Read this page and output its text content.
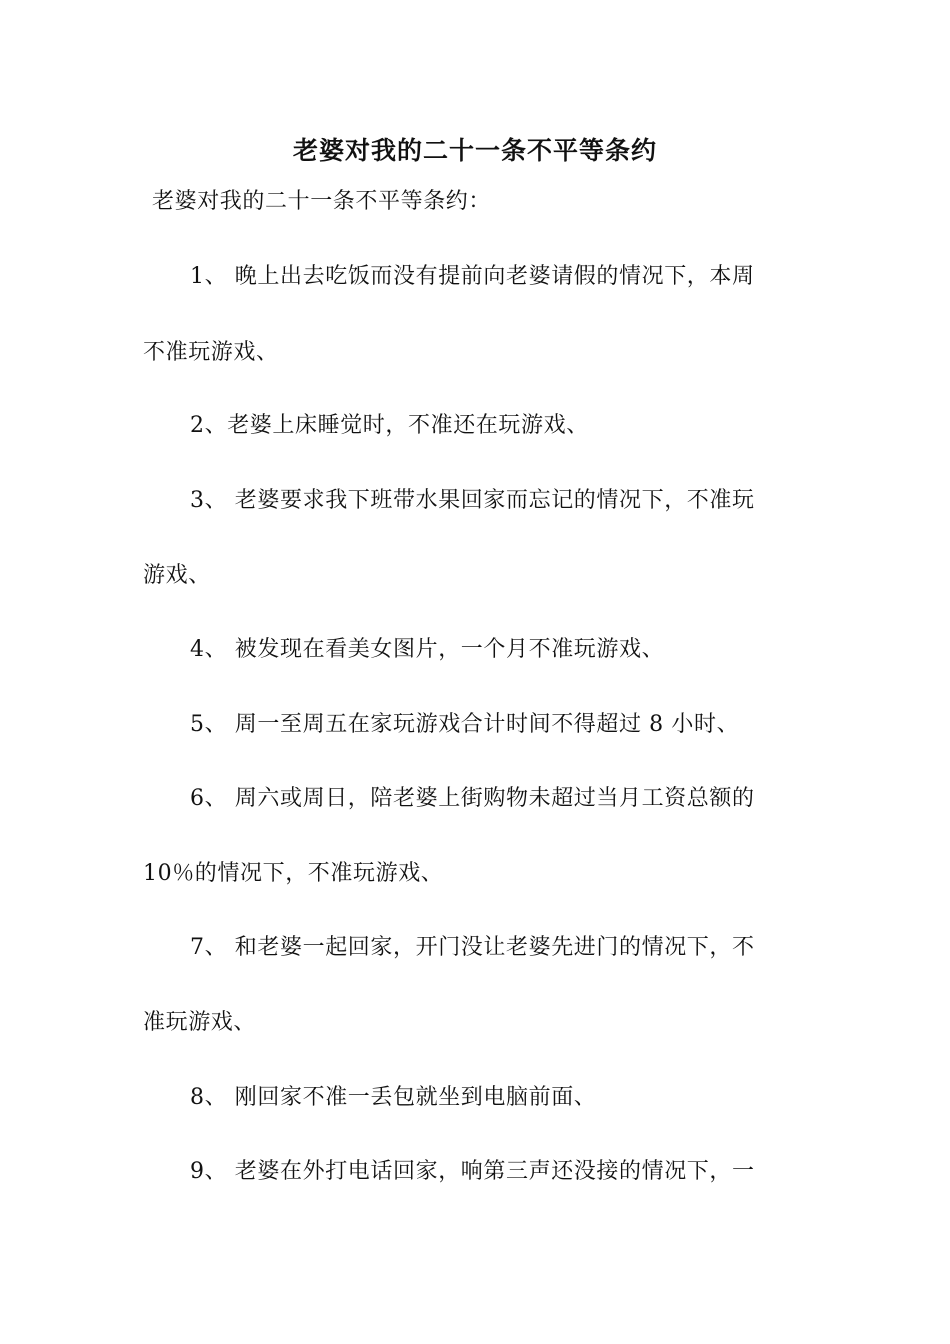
老婆对我的二十一条不平等条约
老婆对我的二十一条不平等条约：
1、 晚上出去吃饭而没有提前向老婆请假的情况下，本周
不准玩游戏、
2、老婆上床睡觉时，不准还在玩游戏、
3、 老婆要求我下班带水果回家而忘记的情况下，不准玩
游戏、
4、 被发现在看美女图片，一个月不准玩游戏、
5、 周一至周五在家玩游戏合计时间不得超过 8 小时、
6、 周六或周日，陪老婆上街购物未超过当月工资总额的
10％的情况下，不准玩游戏、
7、 和老婆一起回家，开门没让老婆先进门的情况下，不
准玩游戏、
8、 刚回家不准一丢包就坐到电脑前面、
9、 老婆在外打电话回家，响第三声还没接的情况下，一
